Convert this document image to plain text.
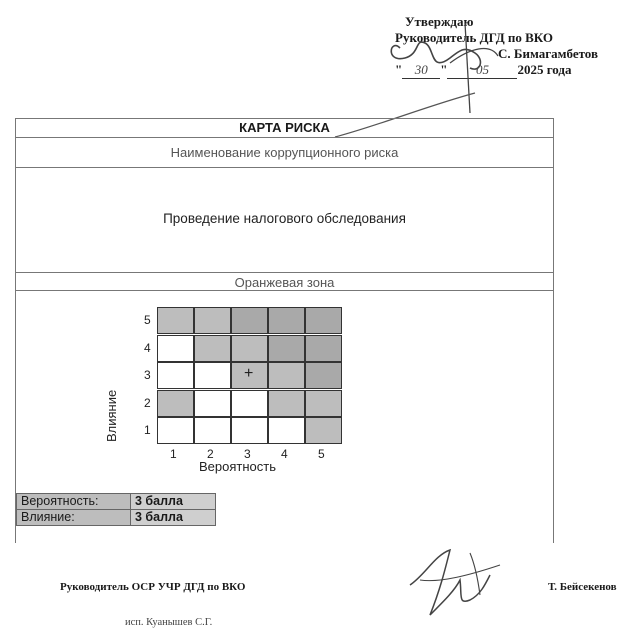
Утверждаю
Руководитель ДГД по ВКО
С. Бимагамбетов
" 30 " 05 2025 года
КАРТА РИСКА
Наименование коррупционного риска
Проведение налогового обследования
Оранжевая зона
Влияние
Вероятность
5
4
3
2
1
1	2	3	4	5
+
Вероятность:	3 балла
Влияние:	3 балла
Руководитель ОСР УЧР ДГД по ВКО	Т. Бейсекенов
исп. Куанышев С.Г.
